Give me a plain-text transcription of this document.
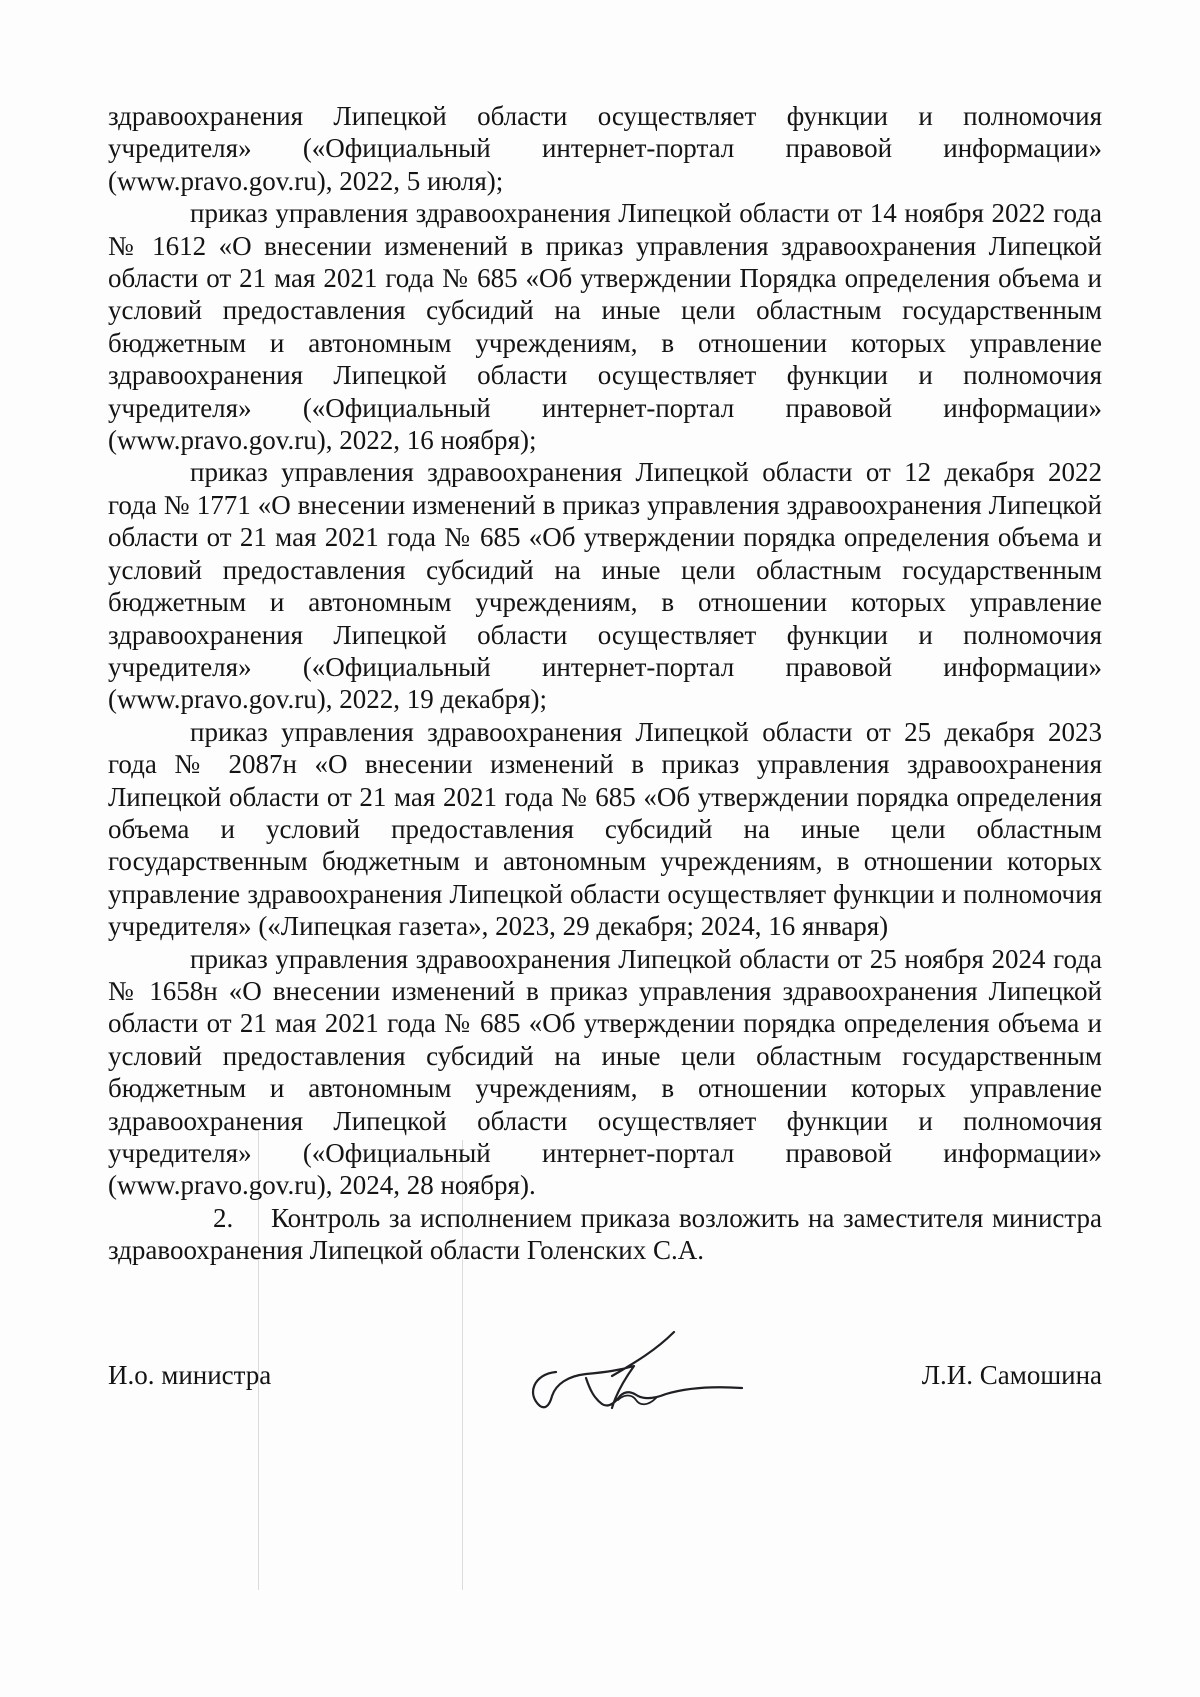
здравоохранения Липецкой области осуществляет функции и полномочия учредителя» («Официальный интернет-портал правовой информации» (www.pravo.gov.ru), 2022, 5 июля);

приказ управления здравоохранения Липецкой области от 14 ноября 2022 года № 1612 «О внесении изменений в приказ управления здравоохранения Липецкой области от 21 мая 2021 года № 685 «Об утверждении Порядка определения объема и условий предоставления субсидий на иные цели областным государственным бюджетным и автономным учреждениям, в отношении которых управление здравоохранения Липецкой области осуществляет функции и полномочия учредителя» («Официальный интернет-портал правовой информации» (www.pravo.gov.ru), 2022, 16 ноября);

приказ управления здравоохранения Липецкой области от 12 декабря 2022 года № 1771 «О внесении изменений в приказ управления здравоохранения Липецкой области от 21 мая 2021 года № 685 «Об утверждении порядка определения объема и условий предоставления субсидий на иные цели областным государственным бюджетным и автономным учреждениям, в отношении которых управление здравоохранения Липецкой области осуществляет функции и полномочия учредителя» («Официальный интернет-портал правовой информации» (www.pravo.gov.ru), 2022, 19 декабря);

приказ управления здравоохранения Липецкой области от 25 декабря 2023 года № 2087н «О внесении изменений в приказ управления здравоохранения Липецкой области от 21 мая 2021 года № 685 «Об утверждении порядка определения объема и условий предоставления субсидий на иные цели областным государственным бюджетным и автономным учреждениям, в отношении которых управление здравоохранения Липецкой области осуществляет функции и полномочия учредителя» («Липецкая газета», 2023, 29 декабря; 2024, 16 января)

приказ управления здравоохранения Липецкой области от 25 ноября 2024 года № 1658н «О внесении изменений в приказ управления здравоохранения Липецкой области от 21 мая 2021 года № 685 «Об утверждении порядка определения объема и условий предоставления субсидий на иные цели областным государственным бюджетным и автономным учреждениям, в отношении которых управление здравоохранения Липецкой области осуществляет функции и полномочия учредителя» («Официальный интернет-портал правовой информации» (www.pravo.gov.ru), 2024, 28 ноября).

2. Контроль за исполнением приказа возложить на заместителя министра здравоохранения Липецкой области Голенских С.А.

И.о. министра	Л.И. Самошина
